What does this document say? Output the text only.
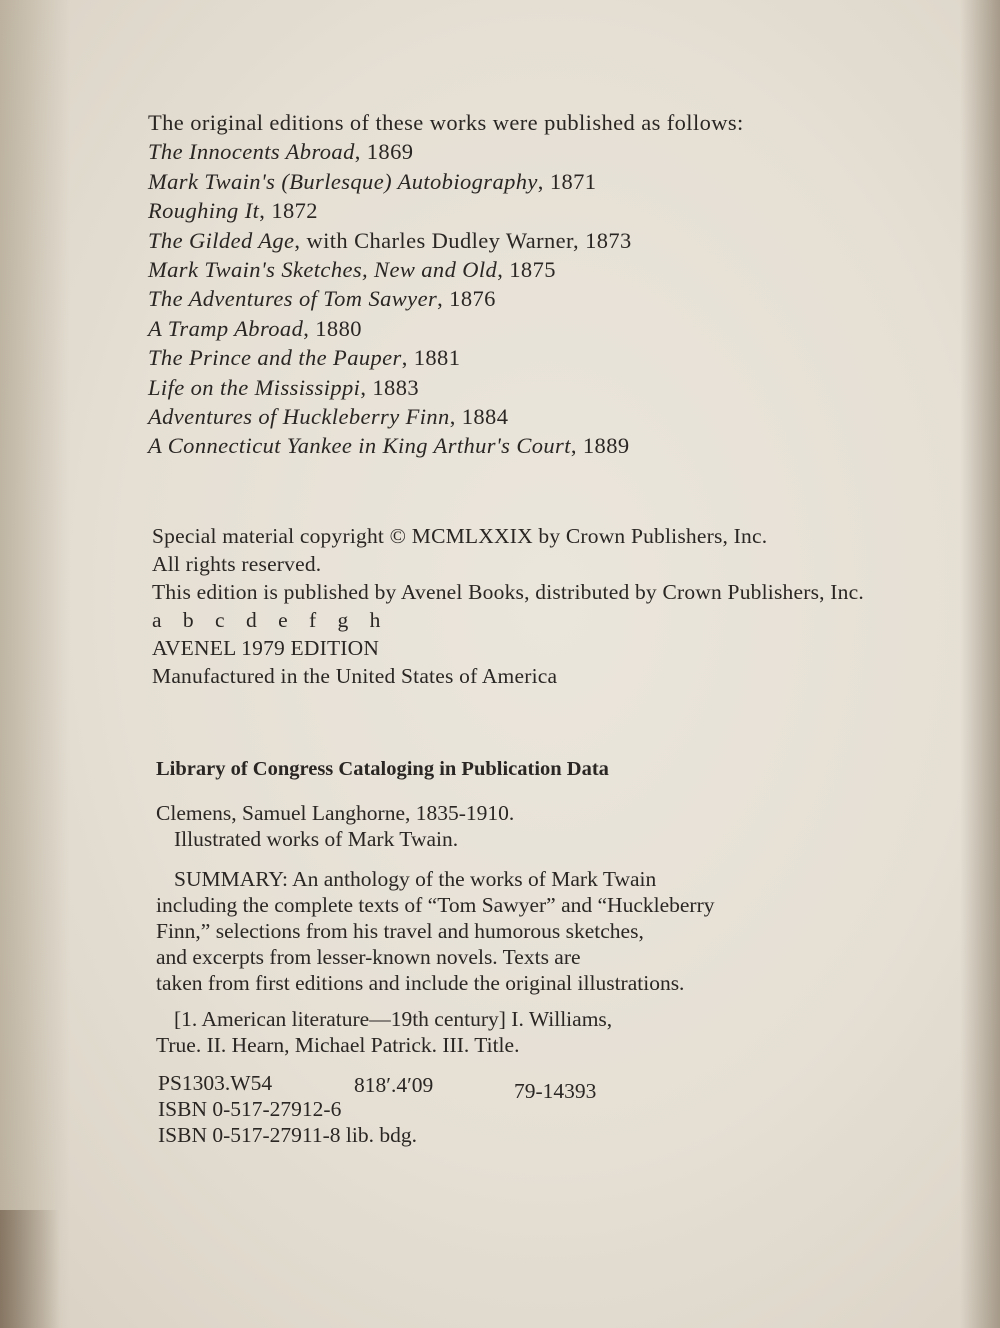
The original editions of these works were published as follows:
The Innocents Abroad, 1869
Mark Twain's (Burlesque) Autobiography, 1871
Roughing It, 1872
The Gilded Age, with Charles Dudley Warner, 1873
Mark Twain's Sketches, New and Old, 1875
The Adventures of Tom Sawyer, 1876
A Tramp Abroad, 1880
The Prince and the Pauper, 1881
Life on the Mississippi, 1883
Adventures of Huckleberry Finn, 1884
A Connecticut Yankee in King Arthur's Court, 1889
Special material copyright © MCMLXXIX by Crown Publishers, Inc.
All rights reserved.
This edition is published by Avenel Books, distributed by Crown Publishers, Inc.
a b c d e f g h
AVENEL 1979 EDITION
Manufactured in the United States of America
Library of Congress Cataloging in Publication Data
Clemens, Samuel Langhorne, 1835-1910.
Illustrated works of Mark Twain.
SUMMARY: An anthology of the works of Mark Twain
including the complete texts of “Tom Sawyer” and “Huckleberry
Finn,” selections from his travel and humorous sketches,
and excerpts from lesser-known novels. Texts are
taken from first editions and include the original illustrations.
[1. American literature—19th century] I. Williams,
True. II. Hearn, Michael Patrick. III. Title.
PS1303.W54	818′.4′09	79-14393
ISBN 0-517-27912-6
ISBN 0-517-27911-8 lib. bdg.
